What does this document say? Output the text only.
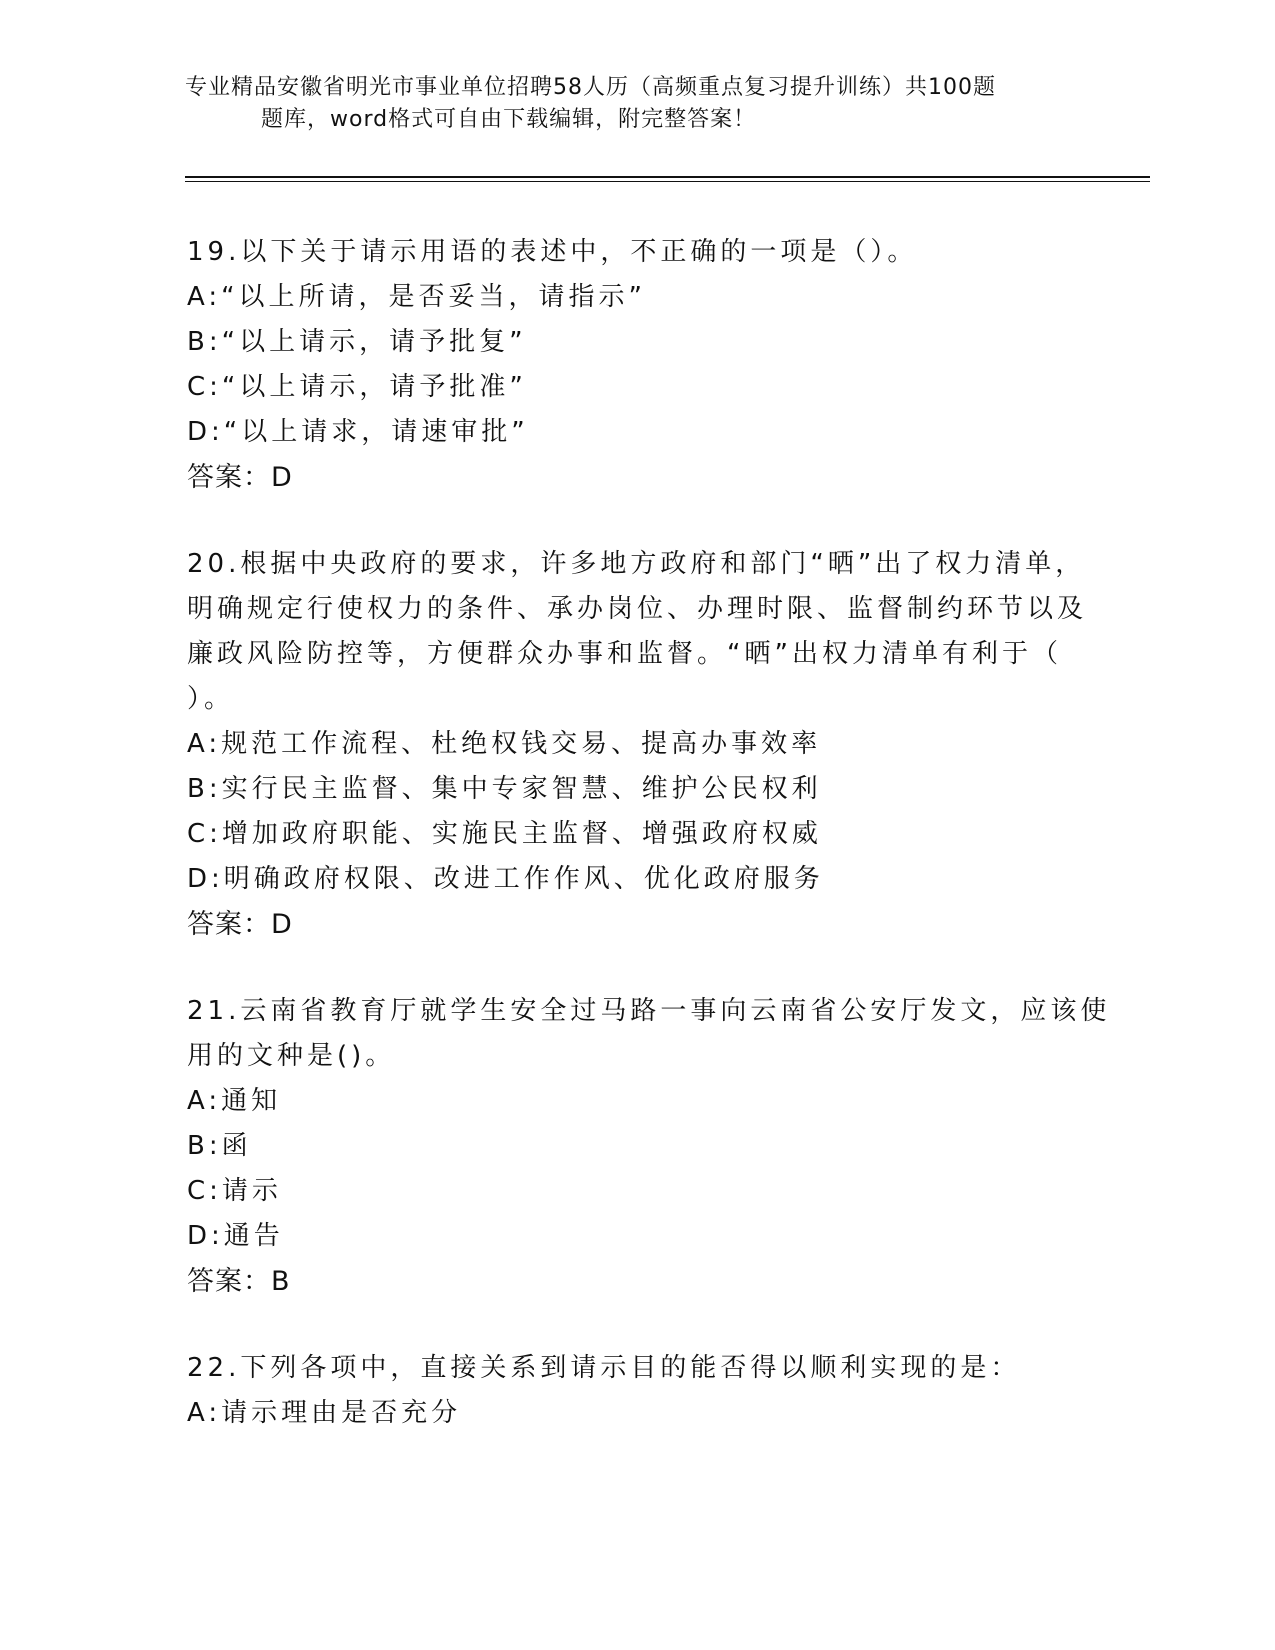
专业精品安徽省明光市事业单位招聘58人历（高频重点复习提升训练）共100题
题库，word格式可自由下载编辑，附完整答案！
19.以下关于请示用语的表述中，不正确的一项是（）。
A:“以上所请，是否妥当，请指示”
B:“以上请示，请予批复”
C:“以上请示，请予批准”
D:“以上请求，请速审批”
答案：D
20.根据中央政府的要求，许多地方政府和部门“晒”出了权力清单，
明确规定行使权力的条件、承办岗位、办理时限、监督制约环节以及
廉政风险防控等，方便群众办事和监督。“晒”出权力清单有利于（
）。
A:规范工作流程、杜绝权钱交易、提高办事效率
B:实行民主监督、集中专家智慧、维护公民权利
C:增加政府职能、实施民主监督、增强政府权威
D:明确政府权限、改进工作作风、优化政府服务
答案：D
21.云南省教育厅就学生安全过马路一事向云南省公安厅发文，应该使
用的文种是()。
A:通知
B:函
C:请示
D:通告
答案：B
22.下列各项中，直接关系到请示目的能否得以顺利实现的是：
A:请示理由是否充分
